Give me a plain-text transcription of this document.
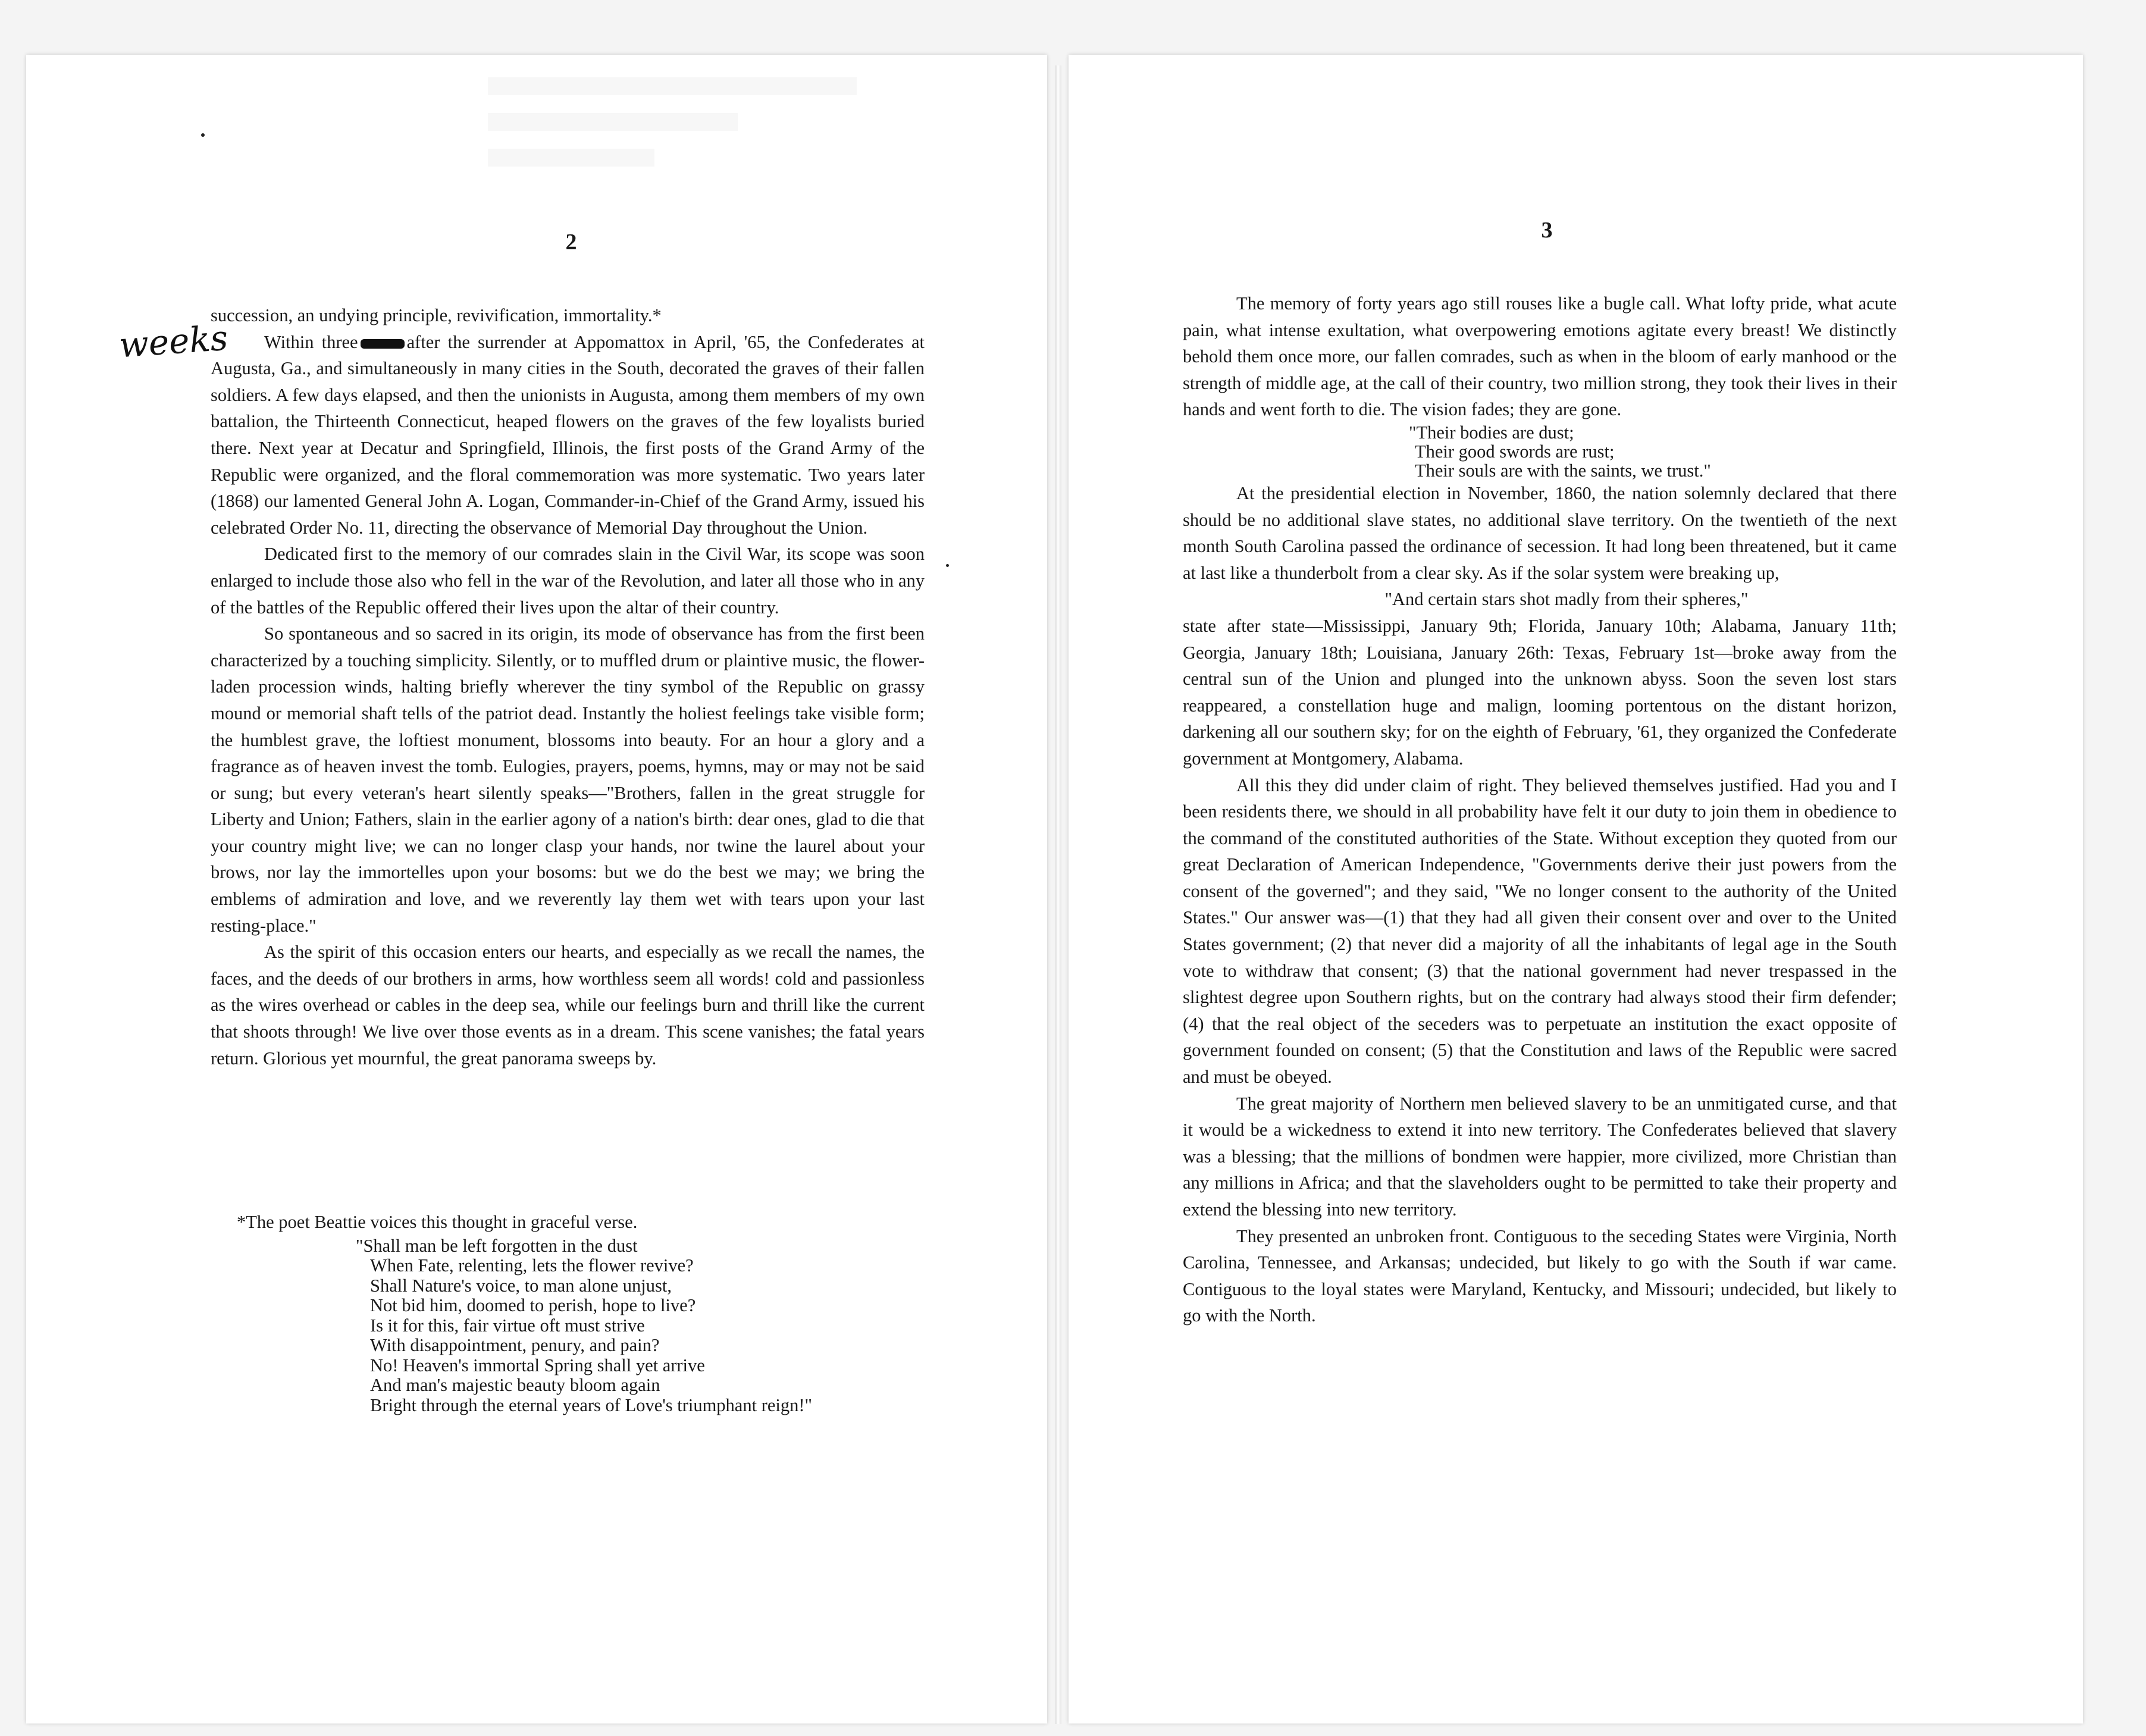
2	3
weeks

succession, an undying principle, revivification, immortality.*

Within three	after the surrender at Appomattox in April, '65, the Confederates at Augusta, Ga., and simultaneously in many cities in the South, decorated the graves of their fallen soldiers. A few days elapsed, and then the unionists in Augusta, among them members of my own battalion, the Thirteenth Connecticut, heaped flowers on the graves of the few loyalists buried there. Next year at Decatur and Springfield, Illinois, the first posts of the Grand Army of the Republic were organized, and the floral commemoration was more systematic. Two years later (1868) our lamented General John A. Logan, Commander-in-Chief of the Grand Army, issued his celebrated Order No. 11, directing the observance of Memorial Day throughout the Union.

Dedicated first to the memory of our comrades slain in the Civil War, its scope was soon enlarged to include those also who fell in the war of the Revolution, and later all those who in any of the battles of the Republic offered their lives upon the altar of their country.

So spontaneous and so sacred in its origin, its mode of observance has from the first been characterized by a touching simplicity. Silently, or to muffled drum or plaintive music, the flower-laden procession winds, halting briefly wherever the tiny symbol of the Republic on grassy mound or memorial shaft tells of the patriot dead. Instantly the holiest feelings take visible form; the humblest grave, the loftiest monument, blossoms into beauty. For an hour a glory and a fragrance as of heaven invest the tomb. Eulogies, prayers, poems, hymns, may or may not be said or sung; but every veteran's heart silently speaks—"Brothers, fallen in the great struggle for Liberty and Union; Fathers, slain in the earlier agony of a nation's birth: dear ones, glad to die that your country might live; we can no longer clasp your hands, nor twine the laurel about your brows, nor lay the immortelles upon your bosoms: but we do the best we may; we bring the emblems of admiration and love, and we reverently lay them wet with tears upon your last resting-place."

As the spirit of this occasion enters our hearts, and especially as we recall the names, the faces, and the deeds of our brothers in arms, how worthless seem all words! cold and passionless as the wires overhead or cables in the deep sea, while our feelings burn and thrill like the current that shoots through! We live over those events as in a dream. This scene vanishes; the fatal years return. Glorious yet mournful, the great panorama sweeps by.

*The poet Beattie voices this thought in graceful verse.

"Shall man be left forgotten in the dust
When Fate, relenting, lets the flower revive?
Shall Nature's voice, to man alone unjust,
Not bid him, doomed to perish, hope to live?
Is it for this, fair virtue oft must strive
With disappointment, penury, and pain?
No! Heaven's immortal Spring shall yet arrive
And man's majestic beauty bloom again
Bright through the eternal years of Love's triumphant reign!"

The memory of forty years ago still rouses like a bugle call. What lofty pride, what acute pain, what intense exultation, what overpowering emotions agitate every breast! We distinctly behold them once more, our fallen comrades, such as when in the bloom of early manhood or the strength of middle age, at the call of their country, two million strong, they took their lives in their hands and went forth to die. The vision fades; they are gone.

"Their bodies are dust;
Their good swords are rust;
Their souls are with the saints, we trust."

At the presidential election in November, 1860, the nation solemnly declared that there should be no additional slave states, no additional slave territory. On the twentieth of the next month South Carolina passed the ordinance of secession. It had long been threatened, but it came at last like a thunderbolt from a clear sky. As if the solar system were breaking up,

"And certain stars shot madly from their spheres,"

state after state—Mississippi, January 9th; Florida, January 10th; Alabama, January 11th; Georgia, January 18th; Louisiana, January 26th: Texas, February 1st—broke away from the central sun of the Union and plunged into the unknown abyss. Soon the seven lost stars reappeared, a constellation huge and malign, looming portentous on the distant horizon, darkening all our southern sky; for on the eighth of February, '61, they organized the Confederate government at Montgomery, Alabama.

All this they did under claim of right. They believed themselves justified. Had you and I been residents there, we should in all probability have felt it our duty to join them in obedience to the command of the constituted authorities of the State. Without exception they quoted from our great Declaration of American Independence, "Governments derive their just powers from the consent of the governed"; and they said, "We no longer consent to the authority of the United States." Our answer was—(1) that they had all given their consent over and over to the United States government; (2) that never did a majority of all the inhabitants of legal age in the South vote to withdraw that consent; (3) that the national government had never trespassed in the slightest degree upon Southern rights, but on the contrary had always stood their firm defender; (4) that the real object of the seceders was to perpetuate an institution the exact opposite of government founded on consent; (5) that the Constitution and laws of the Republic were sacred and must be obeyed.

The great majority of Northern men believed slavery to be an unmitigated curse, and that it would be a wickedness to extend it into new territory. The Confederates believed that slavery was a blessing; that the millions of bondmen were happier, more civilized, more Christian than any millions in Africa; and that the slaveholders ought to be permitted to take their property and extend the blessing into new territory.

They presented an unbroken front. Contiguous to the seceding States were Virginia, North Carolina, Tennessee, and Arkansas; undecided, but likely to go with the South if war came. Contiguous to the loyal states were Maryland, Kentucky, and Missouri; undecided, but likely to go with the North.
